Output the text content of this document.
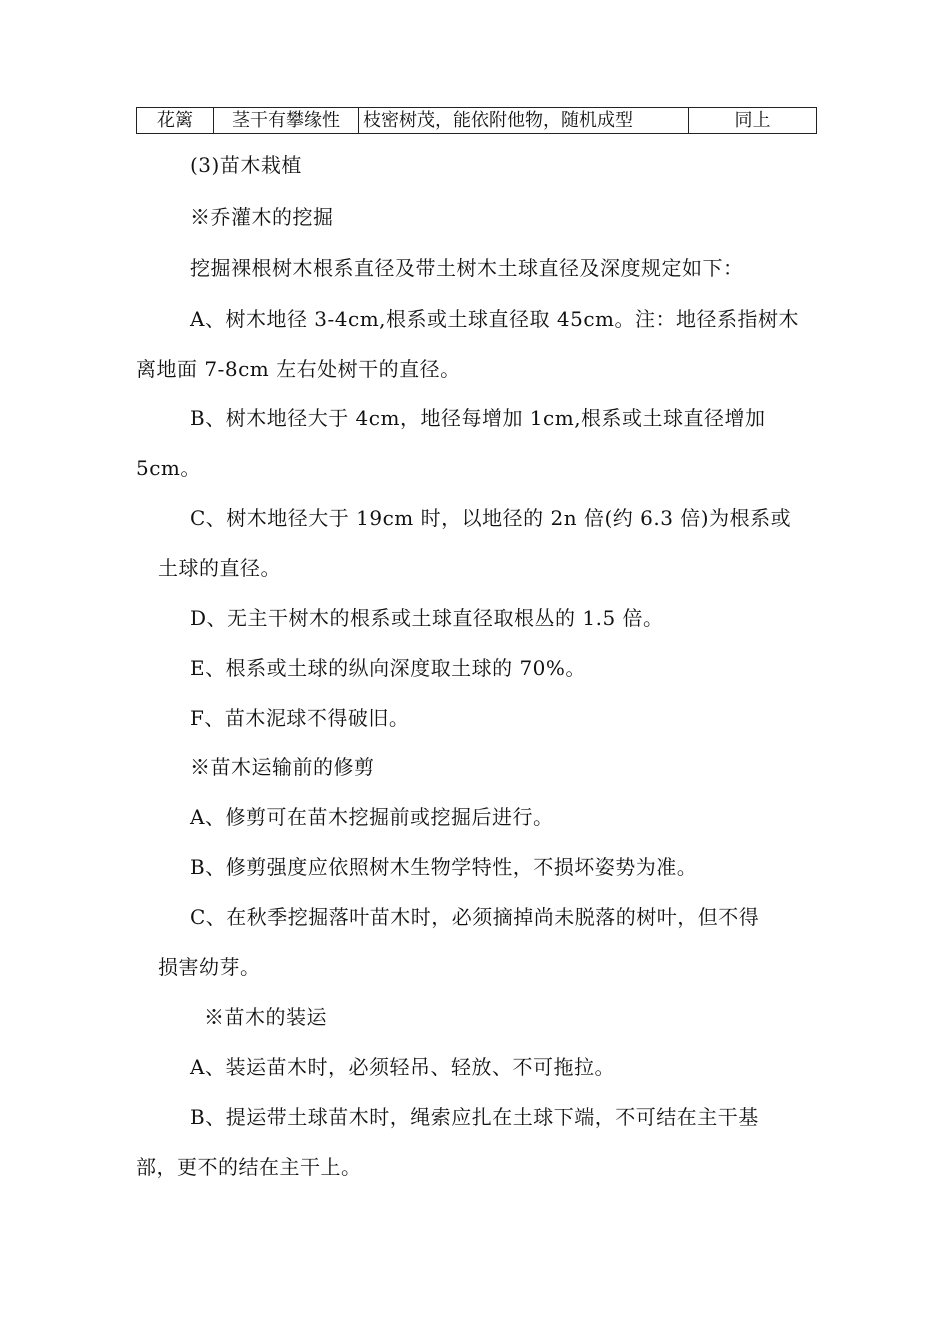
花篱	茎干有攀缘性	枝密树茂，能依附他物，随机成型	同上
(3)苗木栽植
※乔灌木的挖掘
挖掘裸根树木根系直径及带土树木土球直径及深度规定如下：
A、树木地径 3-4cm,根系或土球直径取 45cm。注：地径系指树木
离地面 7-8cm 左右处树干的直径。
B、树木地径大于 4cm，地径每增加 1cm,根系或土球直径增加
5cm。
C、树木地径大于 19cm 时，以地径的 2n 倍(约 6.3 倍)为根系或
土球的直径。
D、无主干树木的根系或土球直径取根丛的 1.5 倍。
E、根系或土球的纵向深度取土球的 70%。
F、苗木泥球不得破旧。
※苗木运输前的修剪
A、修剪可在苗木挖掘前或挖掘后进行。
B、修剪强度应依照树木生物学特性，不损坏姿势为准。
C、在秋季挖掘落叶苗木时，必须摘掉尚未脱落的树叶，但不得
损害幼芽。
※苗木的装运
A、装运苗木时，必须轻吊、轻放、不可拖拉。
B、提运带土球苗木时，绳索应扎在土球下端，不可结在主干基
部，更不的结在主干上。
